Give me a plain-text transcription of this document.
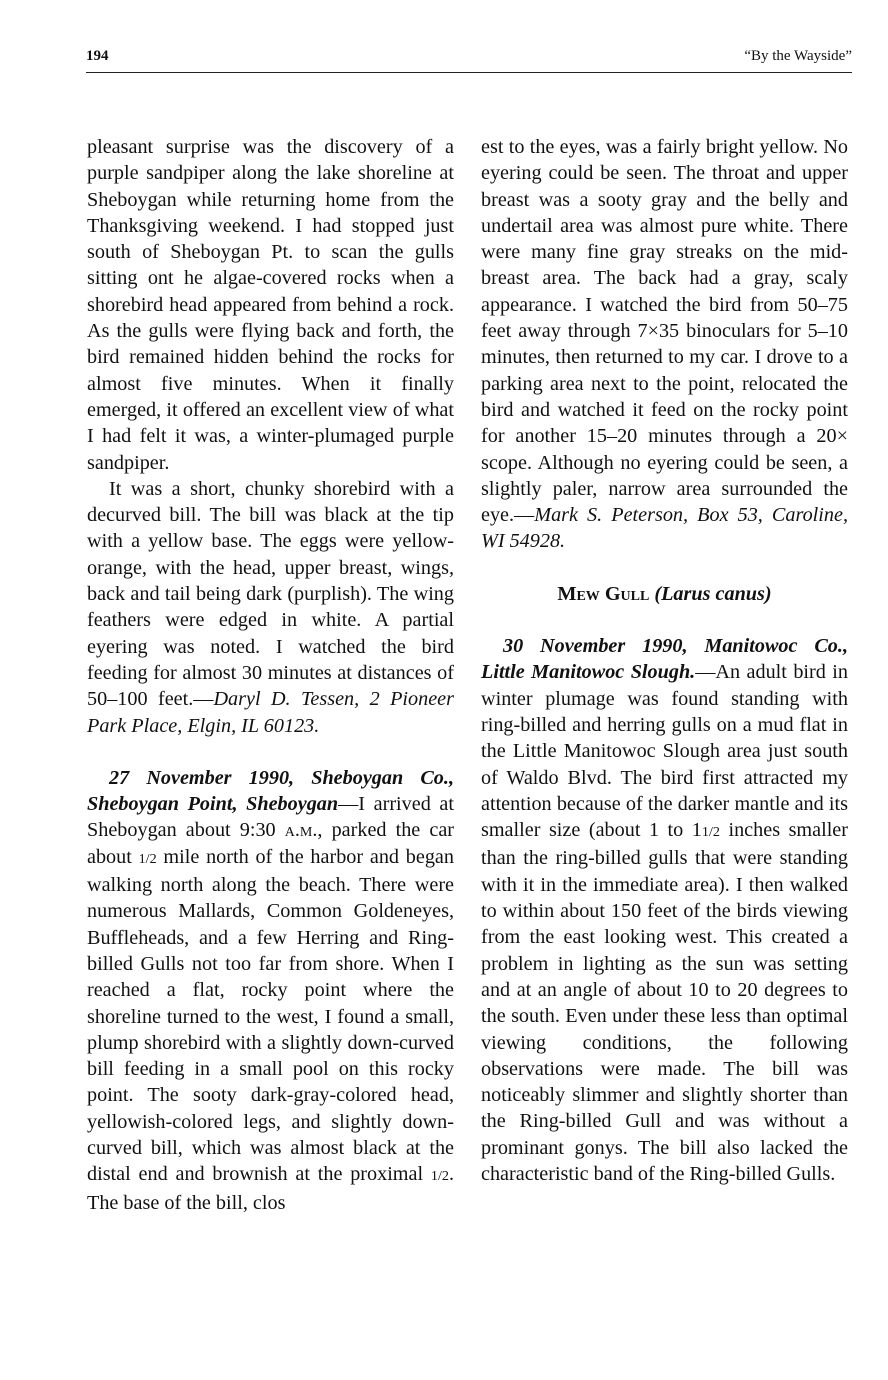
194	“By the Wayside”

pleasant surprise was the discovery of a purple sandpiper along the lake shoreline at Sheboygan while returning home from the Thanksgiving weekend. I had stopped just south of Sheboygan Pt. to scan the gulls sitting ont he algae-covered rocks when a shorebird head appeared from behind a rock. As the gulls were flying back and forth, the bird remained hidden behind the rocks for almost five minutes. When it finally emerged, it offered an excellent view of what I had felt it was, a winter-plumaged purple sandpiper.

It was a short, chunky shorebird with a decurved bill. The bill was black at the tip with a yellow base. The eggs were yellow-orange, with the head, upper breast, wings, back and tail being dark (purplish). The wing feathers were edged in white. A partial eyering was noted. I watched the bird feeding for almost 30 minutes at distances of 50–100 feet.—Daryl D. Tessen, 2 Pioneer Park Place, Elgin, IL 60123.

27 November 1990, Sheboygan Co., Sheboygan Point, Sheboygan—I arrived at Sheboygan about 9:30 a.m., parked the car about 1/2 mile north of the harbor and began walking north along the beach. There were numerous Mallards, Common Goldeneyes, Buffleheads, and a few Herring and Ring-billed Gulls not too far from shore. When I reached a flat, rocky point where the shoreline turned to the west, I found a small, plump shorebird with a slightly down-curved bill feeding in a small pool on this rocky point. The sooty dark-gray-colored head, yellowish-colored legs, and slightly downcurved bill, which was almost black at the distal end and brownish at the proximal 1/2. The base of the bill, clos

est to the eyes, was a fairly bright yellow. No eyering could be seen. The throat and upper breast was a sooty gray and the belly and undertail area was almost pure white. There were many fine gray streaks on the mid-breast area. The back had a gray, scaly appearance. I watched the bird from 50–75 feet away through 7×35 binoculars for 5–10 minutes, then returned to my car. I drove to a parking area next to the point, relocated the bird and watched it feed on the rocky point for another 15–20 minutes through a 20× scope. Although no eyering could be seen, a slightly paler, narrow area surrounded the eye.—Mark S. Peterson, Box 53, Caroline, WI 54928.

Mew Gull (Larus canus)

30 November 1990, Manitowoc Co., Little Manitowoc Slough.—An adult bird in winter plumage was found standing with ring-billed and herring gulls on a mud flat in the Little Manitowoc Slough area just south of Waldo Blvd. The bird first attracted my attention because of the darker mantle and its smaller size (about 1 to 11/2 inches smaller than the ring-billed gulls that were standing with it in the immediate area). I then walked to within about 150 feet of the birds viewing from the east looking west. This created a problem in lighting as the sun was setting and at an angle of about 10 to 20 degrees to the south. Even under these less than optimal viewing conditions, the following observations were made. The bill was noticeably slimmer and slightly shorter than the Ring-billed Gull and was without a prominant gonys. The bill also lacked the characteristic band of the Ring-billed Gulls.
